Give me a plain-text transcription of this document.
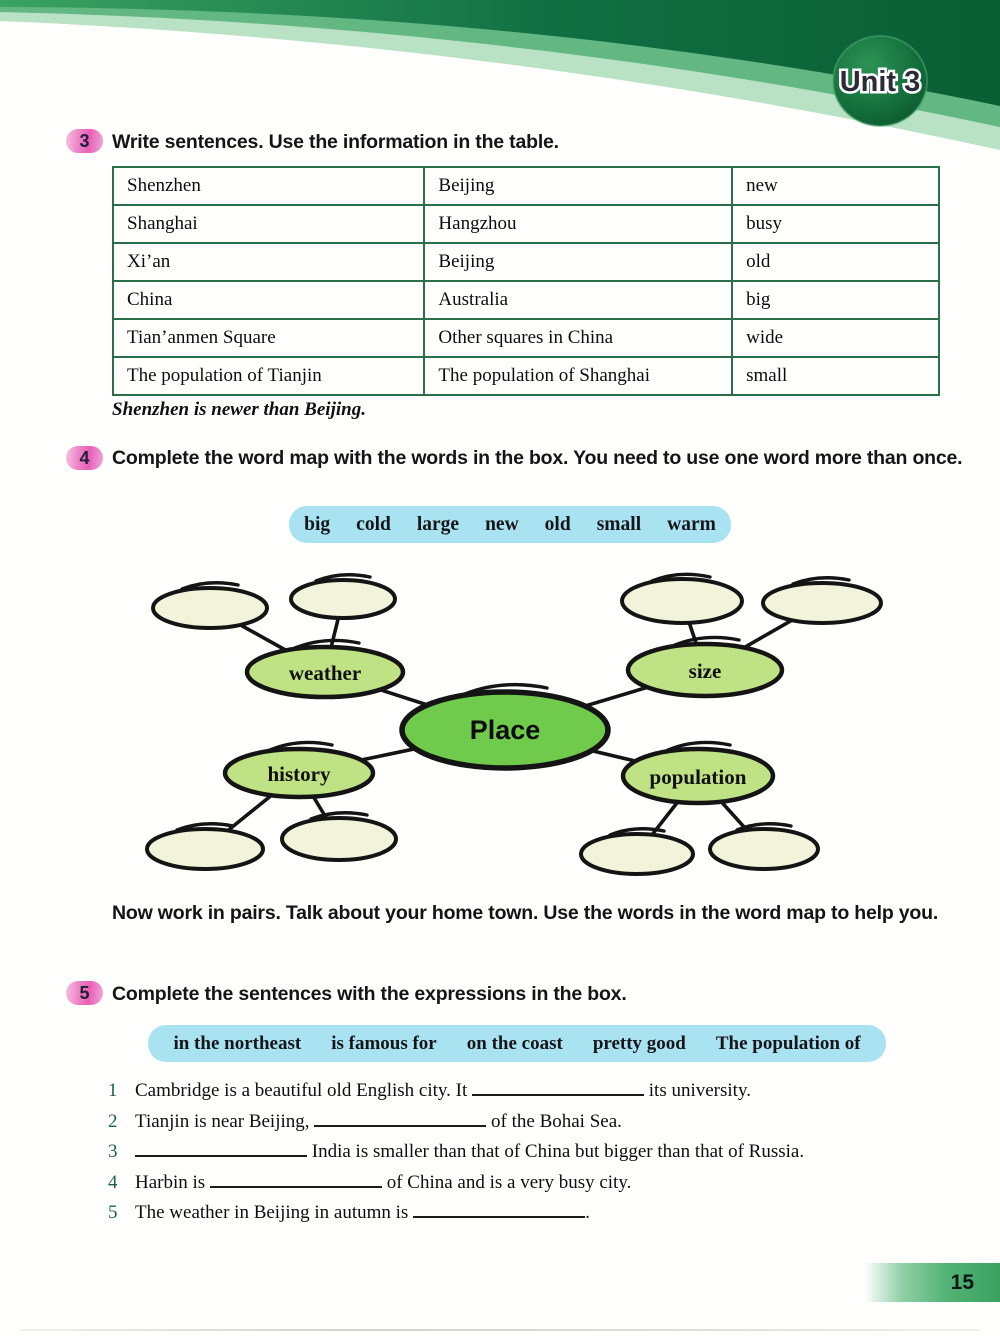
Unit 3
3	Write sentences. Use the information in the table.
Shenzhen	Beijing	new
Shanghai	Hangzhou	busy
Xi’an	Beijing	old
China	Australia	big
Tian’anmen Square	Other squares in China	wide
The population of Tianjin	The population of Shanghai	small
Shenzhen is newer than Beijing.
4	Complete the word map with the words in the box. You need to use one word more than once.
big cold large new old small warm
weather	size
history	population
Place
Now work in pairs. Talk about your home town. Use the words in the word map to help you.
5	Complete the sentences with the expressions in the box.
in the northeast is famous for on the coast pretty good The population of
1 Cambridge is a beautiful old English city. It	its university.
2 Tianjin is near Beijing,	of the Bohai Sea.
3	India is smaller than that of China but bigger than that of Russia.
4 Harbin is	of China and is a very busy city.
5 The weather in Beijing in autumn is	.
15
